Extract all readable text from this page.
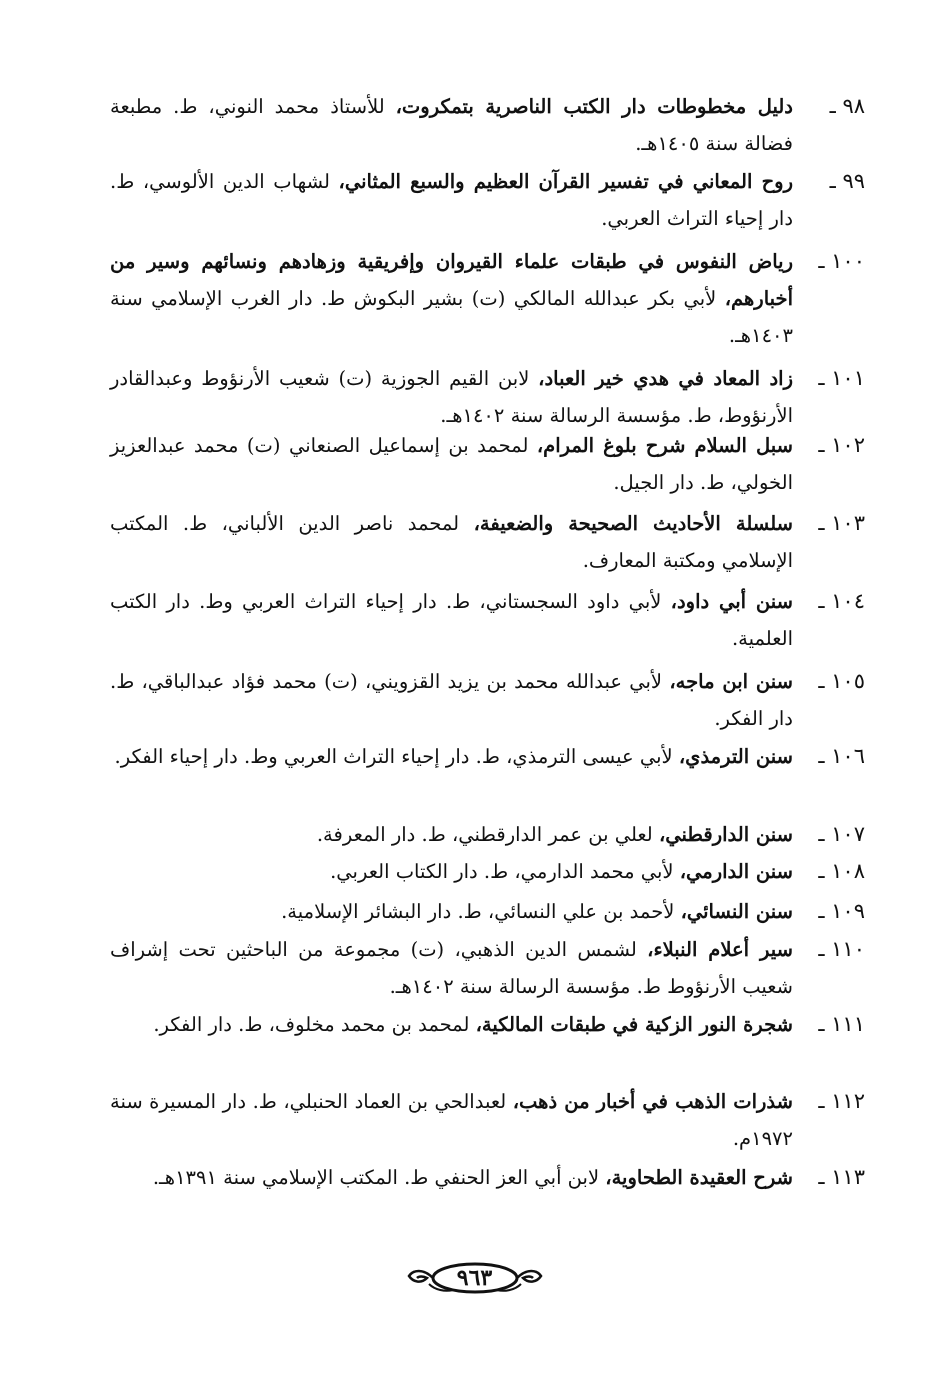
٩٨ ـ
دليل مخطوطات دار الكتب الناصرية بتمكروت، للأستاذ محمد النوني، ط. مطبعة فضالة سنة ١٤٠٥هـ.
٩٩ ـ
روح المعاني في تفسير القرآن العظيم والسبع المثاني، لشهاب الدين الألوسي، ط. دار إحياء التراث العربي.
١٠٠ ـ
رياض النفوس في طبقات علماء القيروان وإفريقية وزهادهم ونسائهم وسير من أخبارهم، لأبي بكر عبدالله المالكي (ت) بشير البكوش ط. دار الغرب الإسلامي سنة ١٤٠٣هـ.
١٠١ ـ
زاد المعاد في هدي خير العباد، لابن القيم الجوزية (ت) شعيب الأرنؤوط وعبدالقادر الأرنؤوط، ط. مؤسسة الرسالة سنة ١٤٠٢هـ.
١٠٢ ـ
سبل السلام شرح بلوغ المرام، لمحمد بن إسماعيل الصنعاني (ت) محمد عبدالعزيز الخولي، ط. دار الجيل.
١٠٣ ـ
سلسلة الأحاديث الصحيحة والضعيفة، لمحمد ناصر الدين الألباني، ط. المكتب الإسلامي ومكتبة المعارف.
١٠٤ ـ
سنن أبي داود، لأبي داود السجستاني، ط. دار إحياء التراث العربي وط. دار الكتب العلمية.
١٠٥ ـ
سنن ابن ماجه، لأبي عبدالله محمد بن يزيد القزويني، (ت) محمد فؤاد عبدالباقي، ط. دار الفكر.
١٠٦ ـ
سنن الترمذي، لأبي عيسى الترمذي، ط. دار إحياء التراث العربي وط. دار إحياء الفكر.
١٠٧ ـ
سنن الدارقطني، لعلي بن عمر الدارقطني، ط. دار المعرفة.
١٠٨ ـ
سنن الدارمي، لأبي محمد الدارمي، ط. دار الكتاب العربي.
١٠٩ ـ
سنن النسائي، لأحمد بن علي النسائي، ط. دار البشائر الإسلامية.
١١٠ ـ
سير أعلام النبلاء، لشمس الدين الذهبي، (ت) مجموعة من الباحثين تحت إشراف شعيب الأرنؤوط ط. مؤسسة الرسالة سنة ١٤٠٢هـ.
١١١ ـ
شجرة النور الزكية في طبقات المالكية، لمحمد بن محمد مخلوف، ط. دار الفكر.
١١٢ ـ
شذرات الذهب في أخبار من ذهب، لعبدالحي بن العماد الحنبلي، ط. دار المسيرة سنة ١٩٧٢م.
١١٣ ـ
شرح العقيدة الطحاوية، لابن أبي العز الحنفي ط. المكتب الإسلامي سنة ١٣٩١هـ.
٩٦٣
